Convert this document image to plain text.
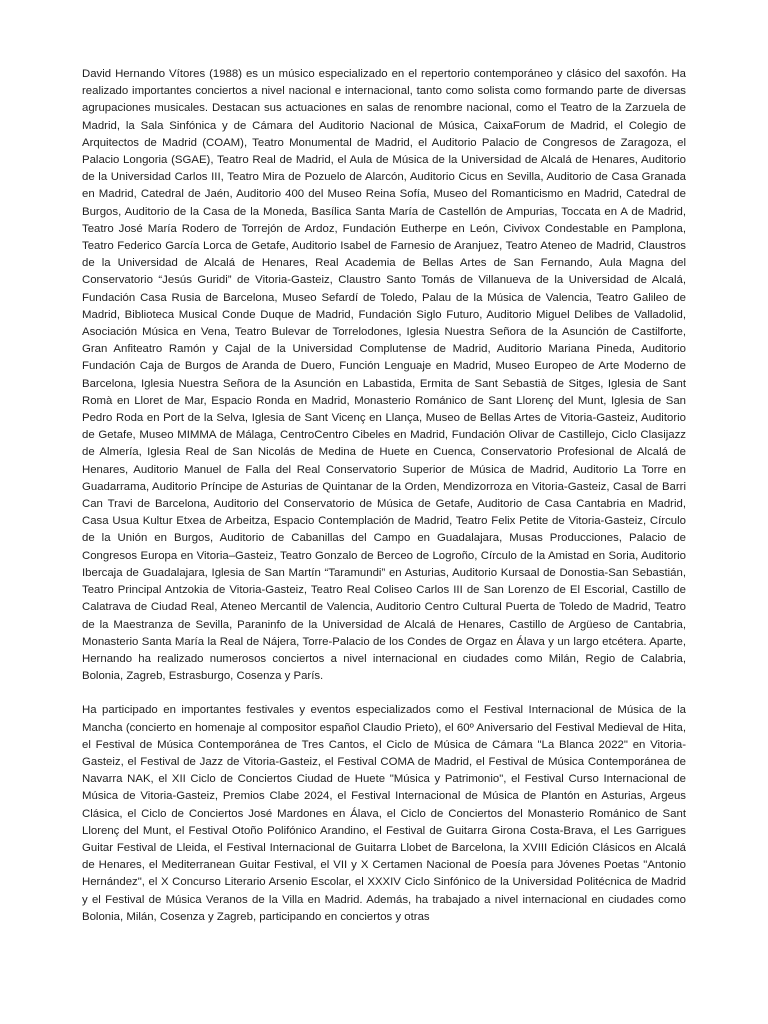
David Hernando Vítores (1988) es un músico especializado en el repertorio contemporáneo y clásico del saxofón. Ha realizado importantes conciertos a nivel nacional e internacional, tanto como solista como formando parte de diversas agrupaciones musicales. Destacan sus actuaciones en salas de renombre nacional, como el Teatro de la Zarzuela de Madrid, la Sala Sinfónica y de Cámara del Auditorio Nacional de Música, CaixaForum de Madrid, el Colegio de Arquitectos de Madrid (COAM), Teatro Monumental de Madrid, el Auditorio Palacio de Congresos de Zaragoza, el Palacio Longoria (SGAE), Teatro Real de Madrid, el Aula de Música de la Universidad de Alcalá de Henares, Auditorio de la Universidad Carlos III, Teatro Mira de Pozuelo de Alarcón, Auditorio Cicus en Sevilla, Auditorio de Casa Granada en Madrid, Catedral de Jaén, Auditorio 400 del Museo Reina Sofía, Museo del Romanticismo en Madrid, Catedral de Burgos, Auditorio de la Casa de la Moneda, Basílica Santa María de Castellón de Ampurias, Toccata en A de Madrid, Teatro José María Rodero de Torrejón de Ardoz, Fundación Eutherpe en León, Civivox Condestable en Pamplona, Teatro Federico García Lorca de Getafe, Auditorio Isabel de Farnesio de Aranjuez, Teatro Ateneo de Madrid, Claustros de la Universidad de Alcalá de Henares, Real Academia de Bellas Artes de San Fernando, Aula Magna del Conservatorio “Jesús Guridi” de Vitoria-Gasteiz, Claustro Santo Tomás de Villanueva de la Universidad de Alcalá, Fundación Casa Rusia de Barcelona, Museo Sefardí de Toledo, Palau de la Música de Valencia, Teatro Galileo de Madrid, Biblioteca Musical Conde Duque de Madrid, Fundación Siglo Futuro, Auditorio Miguel Delibes de Valladolid, Asociación Música en Vena, Teatro Bulevar de Torrelodones, Iglesia Nuestra Señora de la Asunción de Castilforte, Gran Anfiteatro Ramón y Cajal de la Universidad Complutense de Madrid, Auditorio Mariana Pineda, Auditorio Fundación Caja de Burgos de Aranda de Duero, Función Lenguaje en Madrid, Museo Europeo de Arte Moderno de Barcelona, Iglesia Nuestra Señora de la Asunción en Labastida, Ermita de Sant Sebastià de Sitges, Iglesia de Sant Romà en Lloret de Mar, Espacio Ronda en Madrid, Monasterio Románico de Sant Llorenç del Munt, Iglesia de San Pedro Roda en Port de la Selva, Iglesia de Sant Vicenç en Llança, Museo de Bellas Artes de Vitoria-Gasteiz, Auditorio de Getafe, Museo MIMMA de Málaga, CentroCentro Cibeles en Madrid, Fundación Olivar de Castillejo, Ciclo Clasijazz de Almería, Iglesia Real de San Nicolás de Medina de Huete en Cuenca, Conservatorio Profesional de Alcalá de Henares, Auditorio Manuel de Falla del Real Conservatorio Superior de Música de Madrid, Auditorio La Torre en Guadarrama, Auditorio Príncipe de Asturias de Quintanar de la Orden, Mendizorroza en Vitoria-Gasteiz, Casal de Barri Can Travi de Barcelona, Auditorio del Conservatorio de Música de Getafe, Auditorio de Casa Cantabria en Madrid, Casa Usua Kultur Etxea de Arbeitza, Espacio Contemplación de Madrid, Teatro Felix Petite de Vitoria-Gasteiz, Círculo de la Unión en Burgos, Auditorio de Cabanillas del Campo en Guadalajara, Musas Producciones, Palacio de Congresos Europa en Vitoria–Gasteiz, Teatro Gonzalo de Berceo de Logroño, Círculo de la Amistad en Soria, Auditorio Ibercaja de Guadalajara, Iglesia de San Martín “Taramundi” en Asturias, Auditorio Kursaal de Donostia-San Sebastián, Teatro Principal Antzokia de Vitoria-Gasteiz, Teatro Real Coliseo Carlos III de San Lorenzo de El Escorial, Castillo de Calatrava de Ciudad Real, Ateneo Mercantil de Valencia, Auditorio Centro Cultural Puerta de Toledo de Madrid, Teatro de la Maestranza de Sevilla, Paraninfo de la Universidad de Alcalá de Henares, Castillo de Argüeso de Cantabria, Monasterio Santa María la Real de Nájera, Torre-Palacio de los Condes de Orgaz en Álava y un largo etcétera. Aparte, Hernando ha realizado numerosos conciertos a nivel internacional en ciudades como Milán, Regio de Calabria, Bolonia, Zagreb, Estrasburgo, Cosenza y París.

Ha participado en importantes festivales y eventos especializados como el Festival Internacional de Música de la Mancha (concierto en homenaje al compositor español Claudio Prieto), el 60º Aniversario del Festival Medieval de Hita, el Festival de Música Contemporánea de Tres Cantos, el Ciclo de Música de Cámara "La Blanca 2022" en Vitoria-Gasteiz, el Festival de Jazz de Vitoria-Gasteiz, el Festival COMA de Madrid, el Festival de Música Contemporánea de Navarra NAK, el XII Ciclo de Conciertos Ciudad de Huete "Música y Patrimonio", el Festival Curso Internacional de Música de Vitoria-Gasteiz, Premios Clabe 2024, el Festival Internacional de Música de Plantón en Asturias, Argeus Clásica, el Ciclo de Conciertos José Mardones en Álava, el Ciclo de Conciertos del Monasterio Románico de Sant Llorenç del Munt, el Festival Otoño Polifónico Arandino, el Festival de Guitarra Girona Costa-Brava, el Les Garrigues Guitar Festival de Lleida, el Festival Internacional de Guitarra Llobet de Barcelona, la XVIII Edición Clásicos en Alcalá de Henares, el Mediterranean Guitar Festival, el VII y X Certamen Nacional de Poesía para Jóvenes Poetas "Antonio Hernández", el X Concurso Literario Arsenio Escolar, el XXXIV Ciclo Sinfónico de la Universidad Politécnica de Madrid y el Festival de Música Veranos de la Villa en Madrid. Además, ha trabajado a nivel internacional en ciudades como Bolonia, Milán, Cosenza y Zagreb, participando en conciertos y otras
